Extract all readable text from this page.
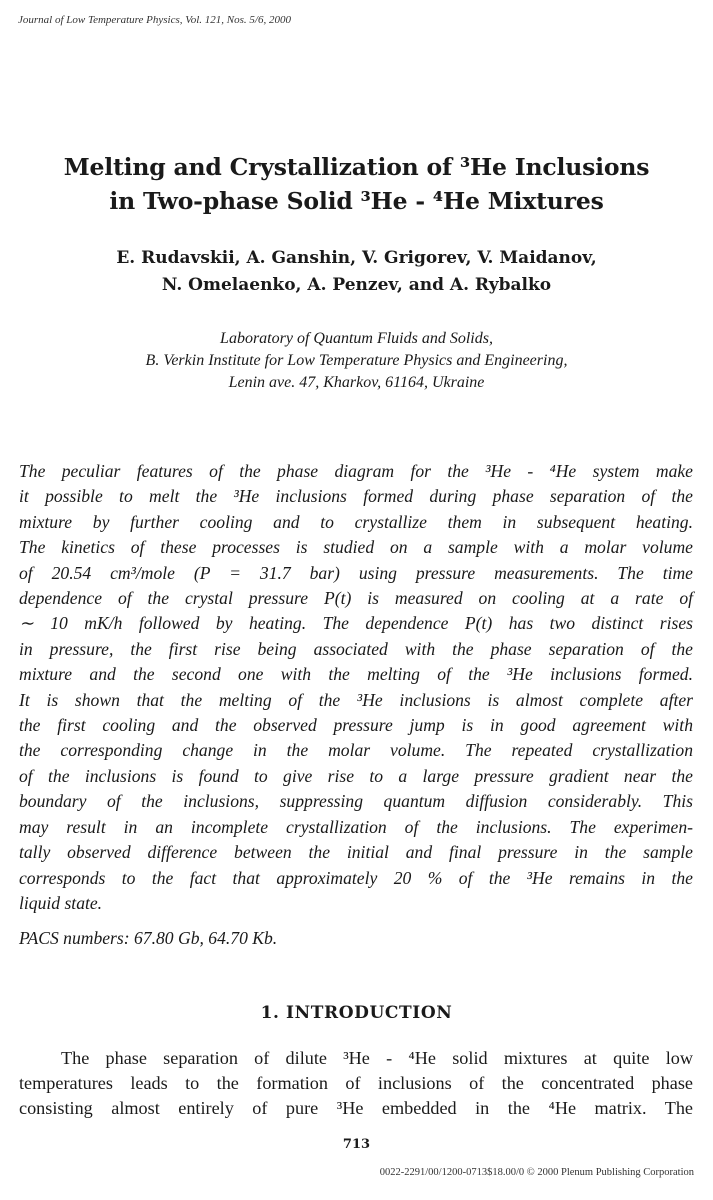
Journal of Low Temperature Physics, Vol. 121, Nos. 5/6, 2000
Melting and Crystallization of ³He Inclusions
in Two-phase Solid ³He - ⁴He Mixtures
E. Rudavskii, A. Ganshin, V. Grigorev, V. Maidanov,
N. Omelaenko, A. Penzev, and A. Rybalko
Laboratory of Quantum Fluids and Solids,
B. Verkin Institute for Low Temperature Physics and Engineering,
Lenin ave. 47, Kharkov, 61164, Ukraine
The peculiar features of the phase diagram for the ³He - ⁴He system make
it possible to melt the ³He inclusions formed during phase separation of the
mixture by further cooling and to crystallize them in subsequent heating.
The kinetics of these processes is studied on a sample with a molar volume
of 20.54 cm³/mole (P = 31.7 bar) using pressure measurements. The time
dependence of the crystal pressure P(t) is measured on cooling at a rate of
∼ 10 mK/h followed by heating. The dependence P(t) has two distinct rises
in pressure, the first rise being associated with the phase separation of the
mixture and the second one with the melting of the ³He inclusions formed.
It is shown that the melting of the ³He inclusions is almost complete after
the first cooling and the observed pressure jump is in good agreement with
the corresponding change in the molar volume. The repeated crystallization
of the inclusions is found to give rise to a large pressure gradient near the
boundary of the inclusions, suppressing quantum diffusion considerably. This
may result in an incomplete crystallization of the inclusions. The experimen-
tally observed difference between the initial and final pressure in the sample
corresponds to the fact that approximately 20 % of the ³He remains in the
liquid state.
PACS numbers: 67.80 Gb, 64.70 Kb.
1. INTRODUCTION
The phase separation of dilute ³He - ⁴He solid mixtures at quite low
temperatures leads to the formation of inclusions of the concentrated phase
consisting almost entirely of pure ³He embedded in the ⁴He matrix. The
713
0022-2291/00/1200-0713$18.00/0 © 2000 Plenum Publishing Corporation
